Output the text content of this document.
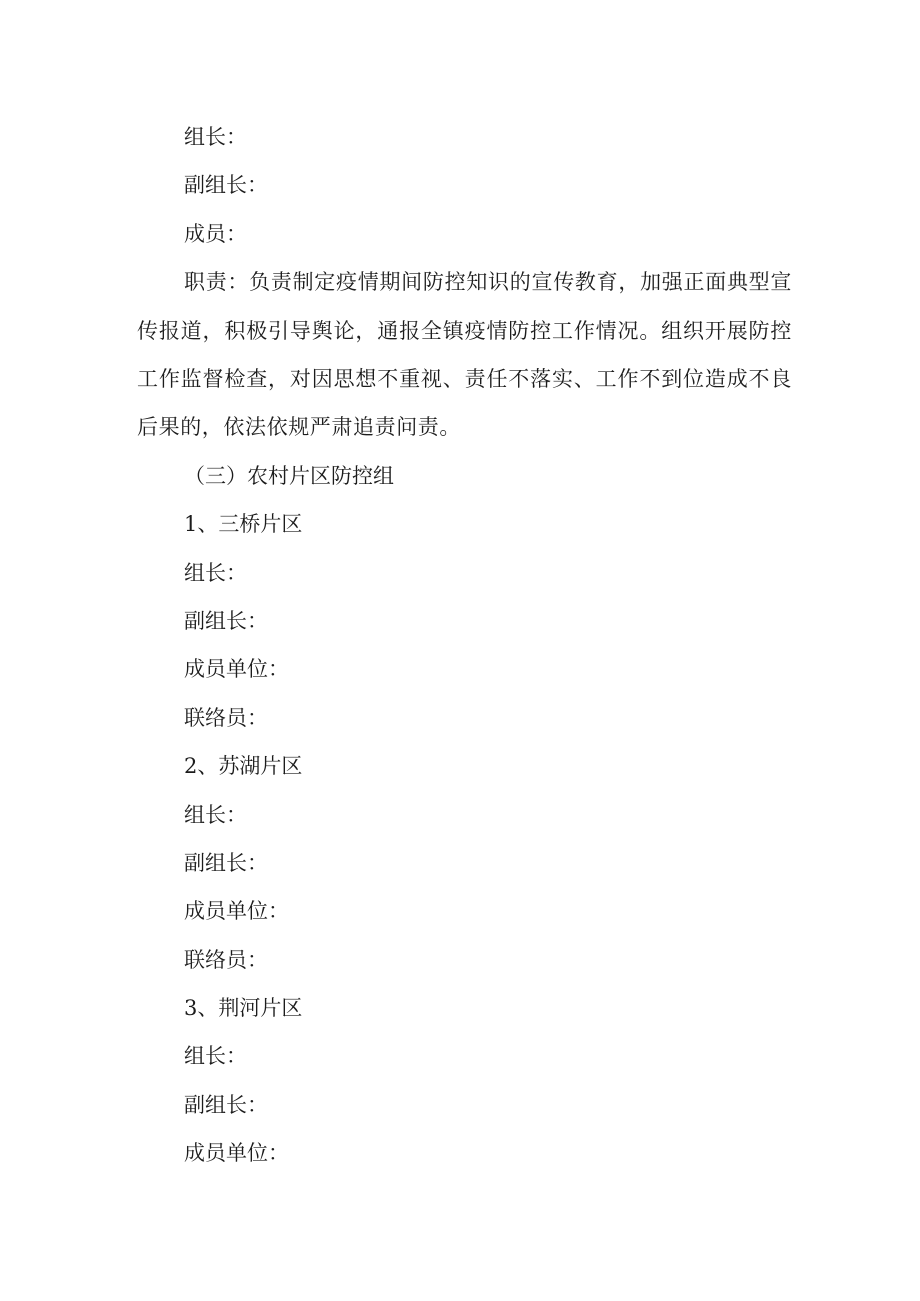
组长：

副组长：

成员：

职责：负责制定疫情期间防控知识的宣传教育，加强正面典型宣传报道，积极引导舆论，通报全镇疫情防控工作情况。组织开展防控工作监督检查，对因思想不重视、责任不落实、工作不到位造成不良后果的，依法依规严肃追责问责。

（三）农村片区防控组

1、三桥片区

组长：

副组长：

成员单位：

联络员：

2、苏湖片区

组长：

副组长：

成员单位：

联络员：

3、荆河片区

组长：

副组长：

成员单位：
